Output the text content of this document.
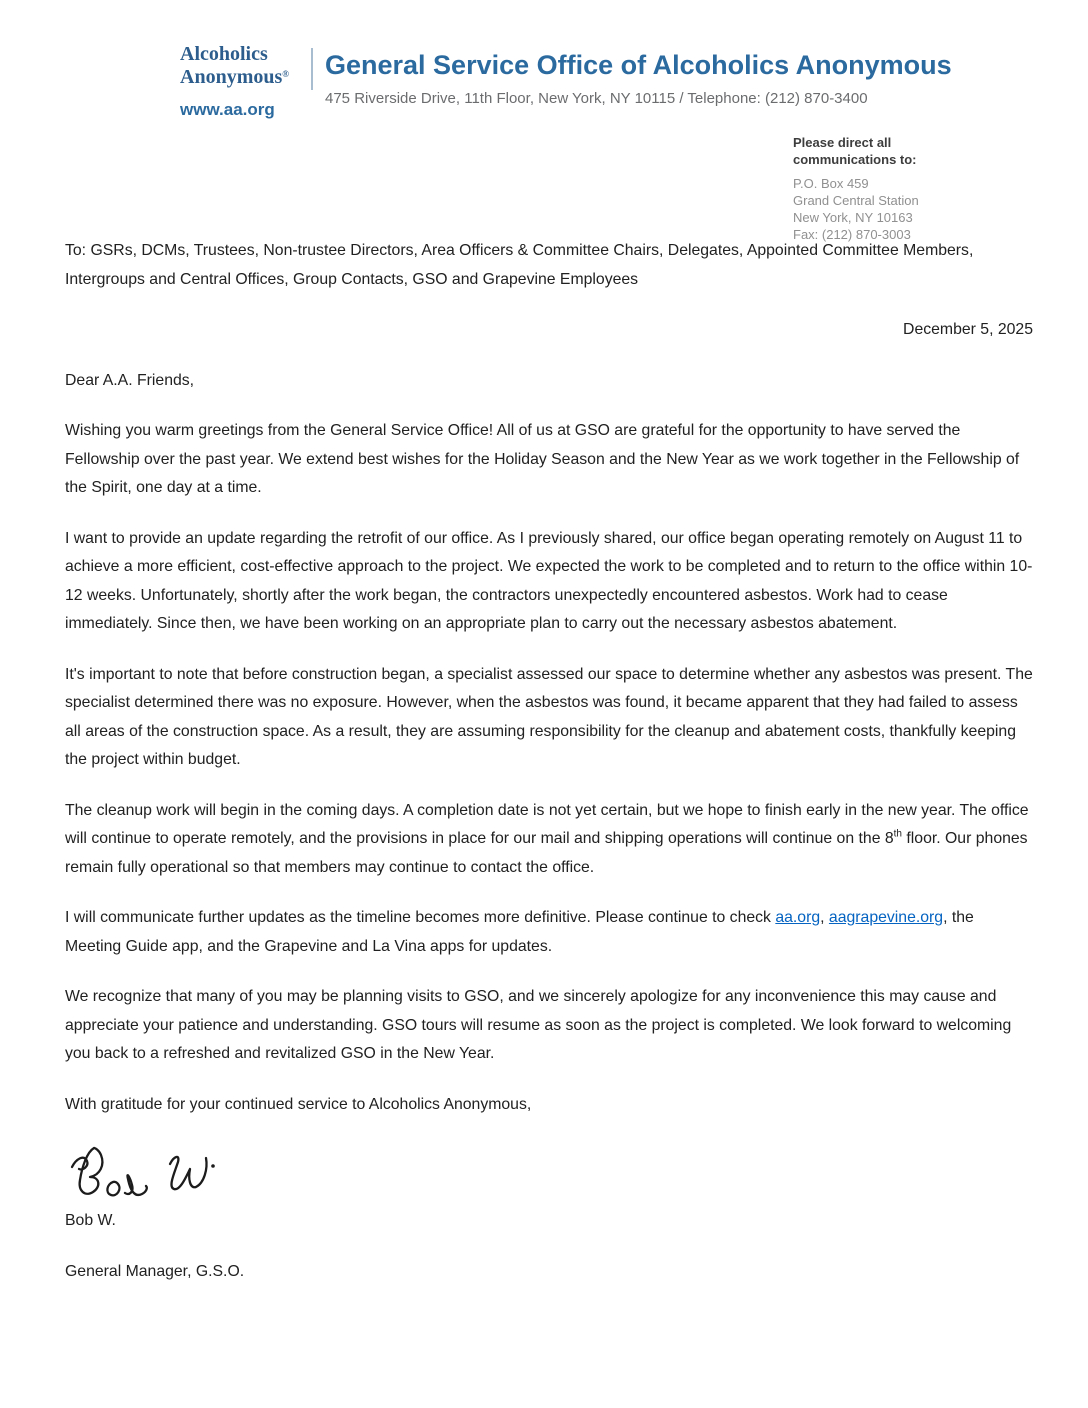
Alcoholics
Anonymous®
www.aa.org
General Service Office of Alcoholics Anonymous
475 Riverside Drive, 11th Floor, New York, NY 10115 / Telephone: (212) 870-3400
Please direct all
communications to:
P.O. Box 459
Grand Central Station
New York, NY 10163
Fax: (212) 870-3003

To: GSRs, DCMs, Trustees, Non-trustee Directors, Area Officers & Committee Chairs, Delegates, Appointed Committee Members, Intergroups and Central Offices, Group Contacts, GSO and Grapevine Employees

December 5, 2025

Dear A.A. Friends,

Wishing you warm greetings from the General Service Office! All of us at GSO are grateful for the opportunity to have served the Fellowship over the past year. We extend best wishes for the Holiday Season and the New Year as we work together in the Fellowship of the Spirit, one day at a time.

I want to provide an update regarding the retrofit of our office. As I previously shared, our office began operating remotely on August 11 to achieve a more efficient, cost-effective approach to the project. We expected the work to be completed and to return to the office within 10-12 weeks. Unfortunately, shortly after the work began, the contractors unexpectedly encountered asbestos. Work had to cease immediately. Since then, we have been working on an appropriate plan to carry out the necessary asbestos abatement.

It's important to note that before construction began, a specialist assessed our space to determine whether any asbestos was present. The specialist determined there was no exposure. However, when the asbestos was found, it became apparent that they had failed to assess all areas of the construction space. As a result, they are assuming responsibility for the cleanup and abatement costs, thankfully keeping the project within budget.

The cleanup work will begin in the coming days. A completion date is not yet certain, but we hope to finish early in the new year. The office will continue to operate remotely, and the provisions in place for our mail and shipping operations will continue on the 8th floor. Our phones remain fully operational so that members may continue to contact the office.

I will communicate further updates as the timeline becomes more definitive. Please continue to check aa.org, aagrapevine.org, the Meeting Guide app, and the Grapevine and La Vina apps for updates.

We recognize that many of you may be planning visits to GSO, and we sincerely apologize for any inconvenience this may cause and appreciate your patience and understanding. GSO tours will resume as soon as the project is completed. We look forward to welcoming you back to a refreshed and revitalized GSO in the New Year.

With gratitude for your continued service to Alcoholics Anonymous,

Bob W.

General Manager, G.S.O.
